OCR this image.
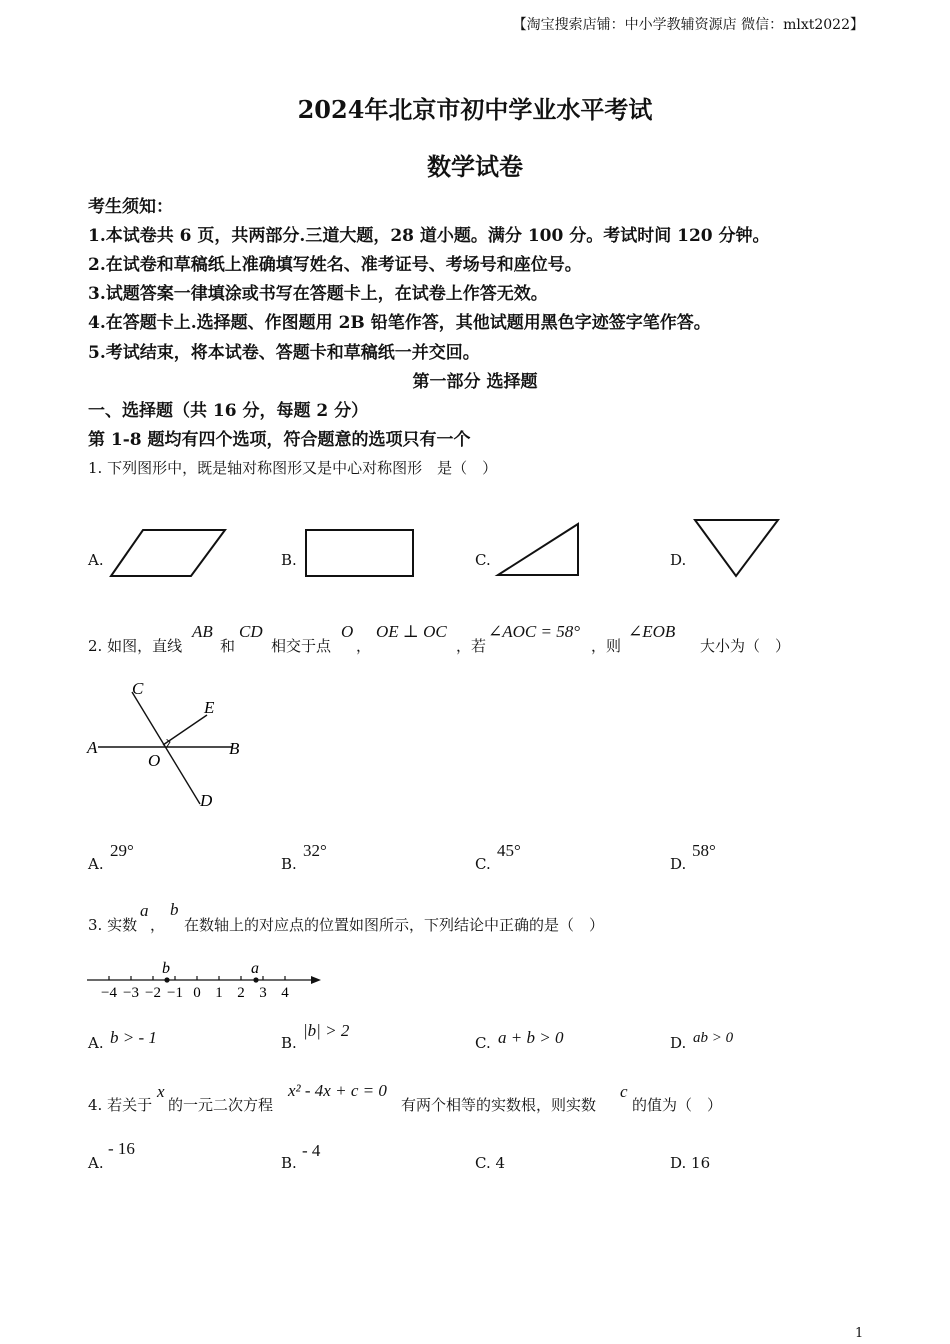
【淘宝搜索店铺：中小学教辅资源店 微信：mlxt2022】
2024年北京市初中学业水平考试
数学试卷
考生须知：
1.本试卷共 6 页，共两部分.三道大题，28 道小题。满分 100 分。考试时间 120 分钟。
2.在试卷和草稿纸上准确填写姓名、准考证号、考场号和座位号。
3.试题答案一律填涂或书写在答题卡上，在试卷上作答无效。
4.在答题卡上.选择题、作图题用 2B 铅笔作答，其他试题用黑色字迹签字笔作答。
5.考试结束，将本试卷、答题卡和草稿纸一并交回。
第一部分 选择题
一、选择题（共 16 分，每题 2 分）
第 1-8 题均有四个选项，符合题意的选项只有一个
1. 下列图形中，既是轴对称图形又是中心对称图形　是（　）
A.	B.	C.	D.
2. 如图，直线
AB
和
CD
相交于点
O
，
OE ⊥ OC
，若
∠AOC = 58°
，则
∠EOB
大小为（　）
C
E
A	B
O
D
A.
29°
B.
32°
C.
45°
D.
58°
3. 实数
a
，
b
在数轴上的对应点的位置如图所示，下列结论中正确的是（　）
b	a
−4 −3 −2 −1 0 1 2 3 4
A. b > - 1	B.
|b| > 2
C. a + b > 0	D. ab > 0
4. 若关于
x
的一元二次方程
x² - 4x + c = 0
有两个相等的实数根，则实数
c
的值为（　）
A.
- 16
B.
- 4
C. 4	D. 16
1
